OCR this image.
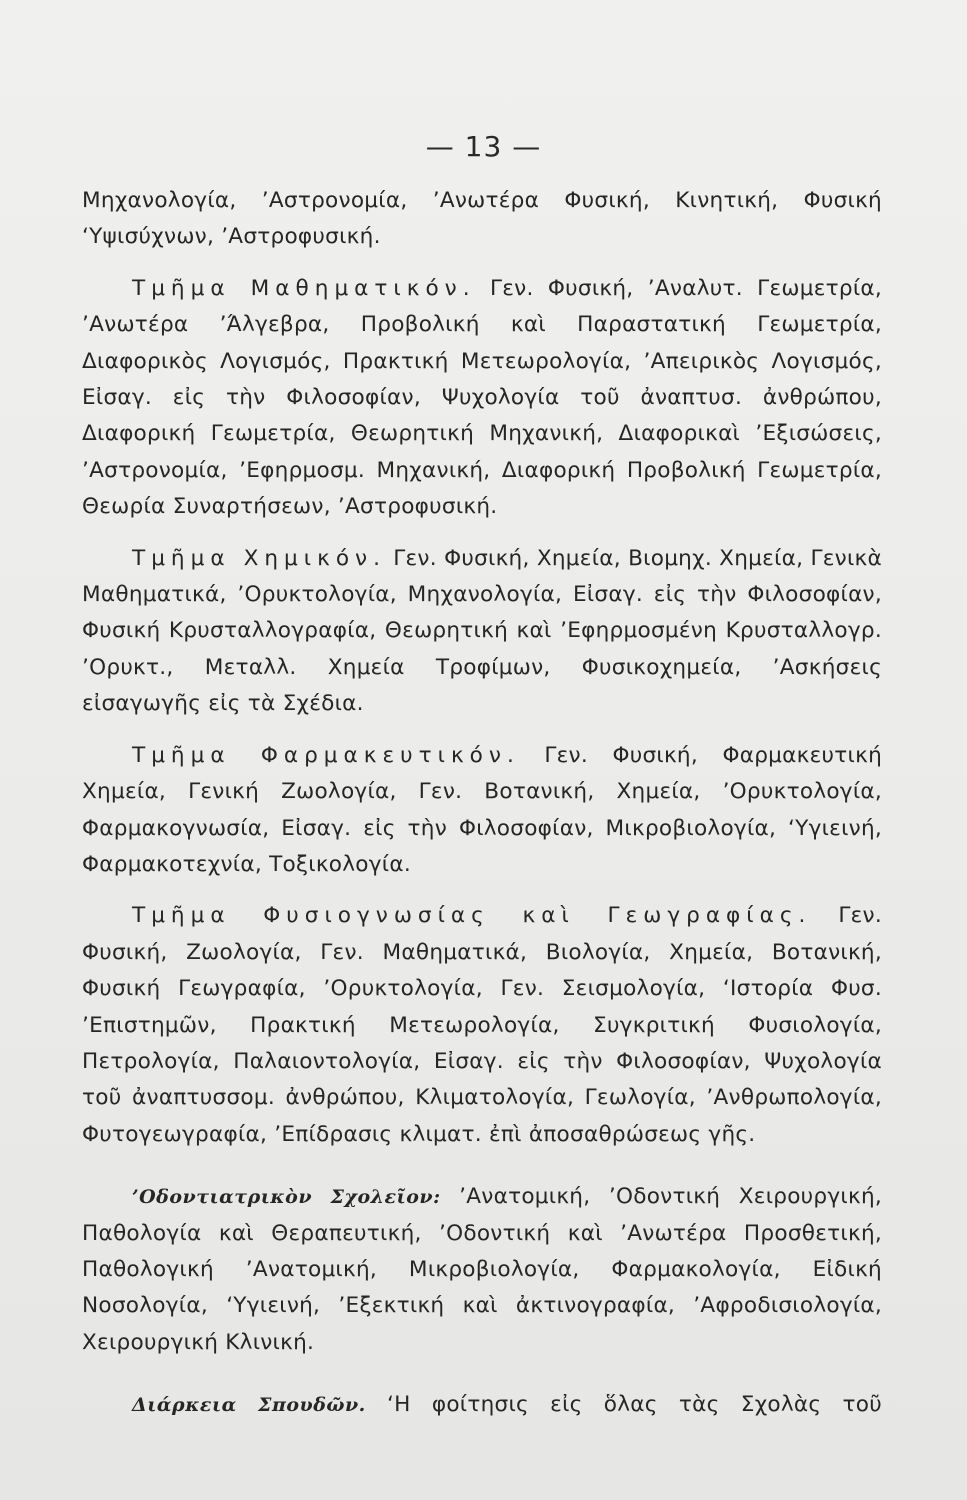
— 13 —

Μηχανολογία, ’Αστρονομία, ’Ανωτέρα Φυσική, Κινητική, Φυσική ‘Υψισύχνων, ’Αστροφυσική.

Τμῆμα Μαθηματικόν. Γεν. Φυσική, ’Αναλυτ. Γεωμετρία, ’Ανωτέρα ’Άλγεβρα, Προβολική καὶ Παραστατική Γεωμετρία, Διαφορικὸς Λογισμός, Πρακτική Μετεωρολογία, ’Απειρικὸς Λογισμός, Εἰσαγ. εἰς τὴν Φιλοσοφίαν, Ψυχολογία τοῦ ἀναπτυσ. ἀνθρώπου, Διαφορική Γεωμετρία, Θεωρητική Μηχανική, Διαφορικαὶ ’Εξισώσεις, ’Αστρονομία, ’Εφηρμοσμ. Μηχανική, Διαφορική Προβολική Γεωμετρία, Θεωρία Συναρτήσεων, ’Αστροφυσική.

Τμῆμα Χημικόν. Γεν. Φυσική, Χημεία, Βιομηχ. Χημεία, Γενικὰ Μαθηματικά, ’Ορυκτολογία, Μηχανολογία, Εἰσαγ. εἰς τὴν Φιλοσοφίαν, Φυσική Κρυσταλλογραφία, Θεωρητική καὶ ’Εφηρμοσμένη Κρυσταλλογρ. ’Ορυκτ., Μεταλλ. Χημεία Τροφίμων, Φυσικοχημεία, ’Ασκήσεις εἰσαγωγῆς εἰς τὰ Σχέδια.

Τμῆμα Φαρμακευτικόν. Γεν. Φυσική, Φαρμακευτική Χημεία, Γενική Ζωολογία, Γεν. Βοτανική, Χημεία, ’Ορυκτολογία, Φαρμακογνωσία, Εἰσαγ. εἰς τὴν Φιλοσοφίαν, Μικροβιολογία, ‘Υγιεινή, Φαρμακοτεχνία, Τοξικολογία.

Τμῆμα Φυσιογνωσίας καὶ Γεωγραφίας. Γεν. Φυσική, Ζωολογία, Γεν. Μαθηματικά, Βιολογία, Χημεία, Βοτανική, Φυσική Γεωγραφία, ’Ορυκτολογία, Γεν. Σεισμολογία, ‘Ιστορία Φυσ. ’Επιστημῶν, Πρακτική Μετεωρολογία, Συγκριτική Φυσιολογία, Πετρολογία, Παλαιοντολογία, Εἰσαγ. εἰς τὴν Φιλοσοφίαν, Ψυχολογία τοῦ ἀναπτυσσομ. ἀνθρώπου, Κλιματολογία, Γεωλογία, ’Ανθρωπολογία, Φυτογεωγραφία, ’Επίδρασις κλιματ. ἐπὶ ἀποσαθρώσεως γῆς.

’Οδοντιατρικὸν Σχολεῖον: ’Ανατομική, ’Οδοντική Χειρουργική, Παθολογία καὶ Θεραπευτική, ’Οδοντική καὶ ’Ανωτέρα Προσθετική, Παθολογική ’Ανατομική, Μικροβιολογία, Φαρμακολογία, Εἰδική Νοσολογία, ‘Υγιεινή, ’Εξεκτική καὶ ἀκτινογραφία, ’Αφροδισιολογία, Χειρουργική Κλινική.

Διάρκεια Σπουδῶν. ‘Η φοίτησις εἰς ὅλας τὰς Σχολὰς τοῦ
